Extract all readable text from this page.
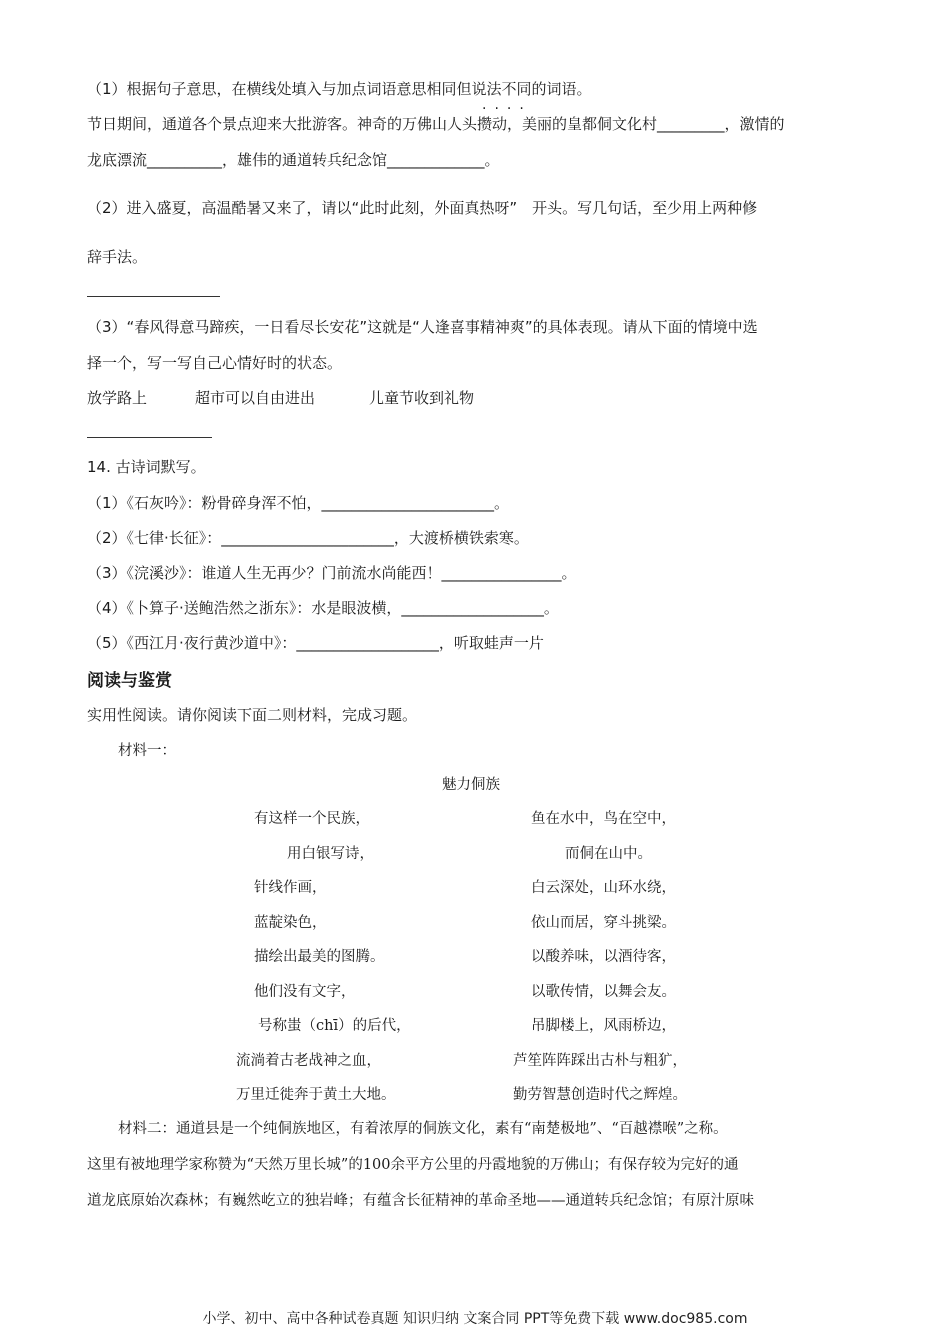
（1）根据句子意思，在横线处填入与加点词语意思相同但说法不同的词语。
····
节日期间，通道各个景点迎来大批游客。神奇的万佛山人头攒动，美丽的皇都侗文化村_________，激情的
龙底漂流__________，雄伟的通道转兵纪念馆_____________。
（2）进入盛夏，高温酷暑又来了，请以“此时此刻，外面真热呀”　开头。写几句话，至少用上两种修
辞手法。
（3）“春风得意马蹄疾，一日看尽长安花”这就是“人逢喜事精神爽”的具体表现。请从下面的情境中选
择一个，写一写自己心情好时的状态。
放学路上	超市可以自由进出	儿童节收到礼物
14. 古诗词默写。
（1）《石灰吟》：粉骨碎身浑不怕，_______________________。
（2）《七律·长征》：_______________________，大渡桥横铁索寒。
（3）《浣溪沙》：谁道人生无再少？门前流水尚能西！________________。
（4）《卜算子·送鲍浩然之浙东》：水是眼波横，___________________。
（5）《西江月·夜行黄沙道中》：___________________，听取蛙声一片
阅读与鉴赏
实用性阅读。请你阅读下面二则材料，完成习题。
材料一：
魅力侗族
有这样一个民族，
用白银写诗，
针线作画，
蓝靛染色，
描绘出最美的图腾。
他们没有文字，
号称蚩（chī）的后代，
流淌着古老战神之血，
万里迁徙奔于黄土大地。
鱼在水中，鸟在空中，
而侗在山中。
白云深处，山环水绕，
依山而居，穿斗挑梁。
以酸养味，以酒待客，
以歌传情，以舞会友。
吊脚楼上，风雨桥边，
芦笙阵阵踩出古朴与粗犷，
勤劳智慧创造时代之辉煌。
材料二：通道县是一个纯侗族地区，有着浓厚的侗族文化，素有“南楚极地”、“百越襟喉”之称。
这里有被地理学家称赞为“天然万里长城”的100余平方公里的丹霞地貌的万佛山；有保存较为完好的通
道龙底原始次森林；有巍然屹立的独岩峰；有蕴含长征精神的革命圣地——通道转兵纪念馆；有原汁原味
小学、初中、高中各种试卷真题 知识归纳 文案合同 PPT等免费下载 www.doc985.com
